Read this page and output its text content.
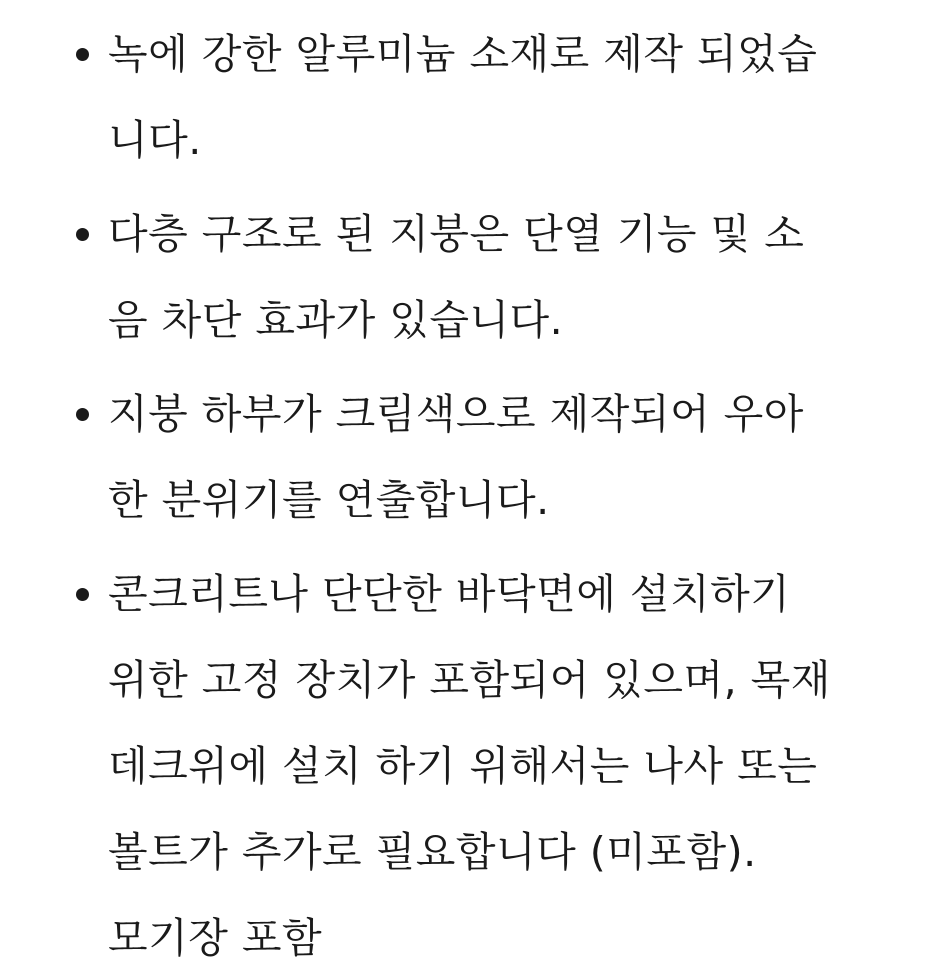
녹에 강한 알루미늄 소재로 제작 되었습
니다.
다층 구조로 된 지붕은 단열 기능 및 소
음 차단 효과가 있습니다.
지붕 하부가 크림색으로 제작되어 우아
한 분위기를 연출합니다.
콘크리트나 단단한 바닥면에 설치하기
위한 고정 장치가 포함되어 있으며, 목재
데크위에 설치 하기 위해서는 나사 또는
볼트가 추가로 필요합니다 (미포함).
모기장 포함
